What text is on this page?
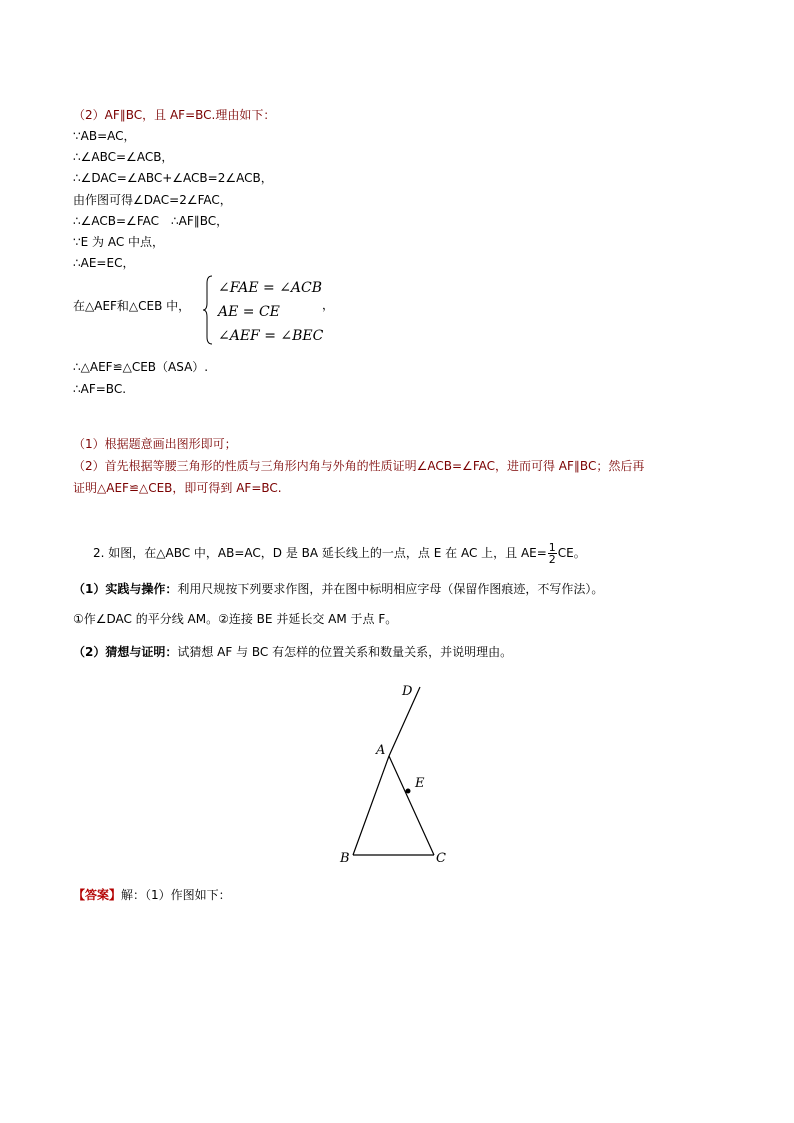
（2）AF∥BC，且 AF=BC.理由如下：
∵AB=AC，
∴∠ABC=∠ACB，
∴∠DAC=∠ABC+∠ACB=2∠ACB，
由作图可得∠DAC=2∠FAC，
∴∠ACB=∠FAC　∴AF∥BC，
∵E 为 AC 中点，
∴AE=EC，
在△AEF和△CEB 中，
∠FAE = ∠ACB
AE = CE
∠AEF = ∠BEC
，
∴△AEF≌△CEB（ASA）.
∴AF=BC.
（1）根据题意画出图形即可；
（2）首先根据等腰三角形的性质与三角形内角与外角的性质证明∠ACB=∠FAC，进而可得 AF∥BC；然后再
证明△AEF≌△CEB，即可得到 AF=BC.
2. 如图，在△ABC 中，AB=AC，D 是 BA 延长线上的一点，点 E 在 AC 上，且 $AE= \frac{1}{2}$ CE。
（1）实践与操作：利用尺规按下列要求作图，并在图中标明相应字母（保留作图痕迹，不写作法）。
①作∠DAC 的平分线 AM。②连接 BE 并延长交 AM 于点 F。
（2）猜想与证明：试猜想 AF 与 BC 有怎样的位置关系和数量关系，并说明理由。
D
A
E
B	C
【答案】解：（1）作图如下：
